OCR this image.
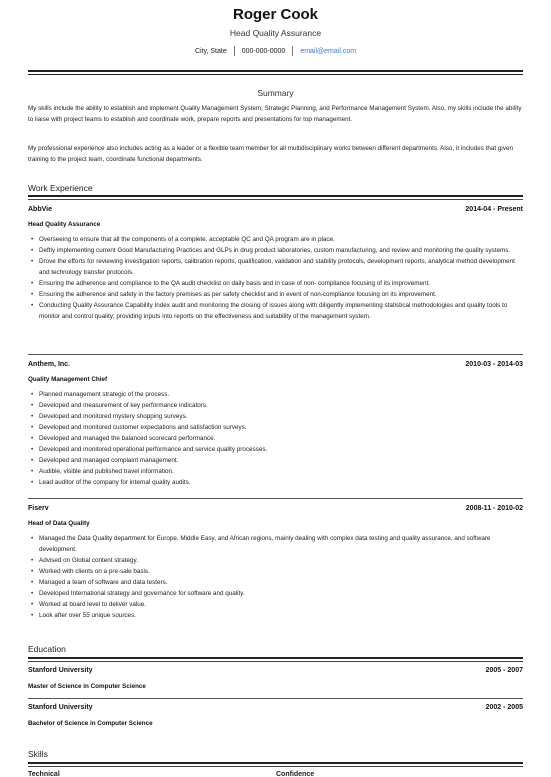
Roger Cook
Head Quality Assurance
City, State 000-000-0000 email@email.com
Summary
My skills include the ability to establish and implement Quality Management System, Strategic Planning, and Performance Management System. Also, my skills include the ability to liaise with project teams to establish and coordinate work, prepare reports and presentations for top management.
My professional experience also includes acting as a leader or a flexible team member for all multidisciplinary works between different departments. Also, it includes that given training to the project team, coordinate functional departments.
Work Experience
AbbVie	2014-04 - Present
Head Quality Assurance
• Overseeing to ensure that all the components of a complete, acceptable QC and QA program are in place.
• Deftly implementing current Good Manufacturing Practices and GLPs in drug product laboratories, custom manufacturing, and review and monitoring the quality systems.
• Drove the efforts for reviewing investigation reports, calibration reports, qualification, validation and stability protocols, development reports, analytical method development and technology transfer protocols.
• Ensuring the adherence and compliance to the QA audit checklist on daily basis and in case of non- compliance focusing of its improvement.
• Ensuring the adherence and safety in the factory premises as per safety checklist and in event of non-compliance focusing on its improvement.
• Conducting Quality Assurance Capability Index audit and monitoring the closing of issues along with diligently implementing statistical methodologies and quality tools to monitor and control quality; providing inputs into reports on the effectiveness and suitability of the management system.
Anthem, Inc.	2010-03 - 2014-03
Quality Management Chief
• Planned management strategic of the process.
• Developed and measurement of key performance indicators.
• Developed and monitored mystery shopping surveys.
• Developed and monitored customer expectations and satisfaction surveys.
• Developed and managed the balanced scorecard performance.
• Developed and monitored operational performance and service quality processes.
• Developed and managed complaint management.
• Audible, visible and published travel information.
• Lead auditor of the company for internal quality audits.
Fiserv	2008-11 - 2010-02
Head of Data Quality
• Managed the Data Quality department for Europe, Middle Easy, and African regions, mainly dealing with complex data testing and quality assurance, and software development.
• Advised on Global content strategy.
• Worked with clients on a pre-sale basis.
• Managed a team of software and data testers.
• Developed International strategy and governance for software and quality.
• Worked at board level to deliver value.
• Look after over 55 unique sources.
Education
Stanford University	2005 - 2007
Master of Science in Computer Science
Stanford University	2002 - 2005
Bachelor of Science in Computer Science
Skills
Technical	Confidence
